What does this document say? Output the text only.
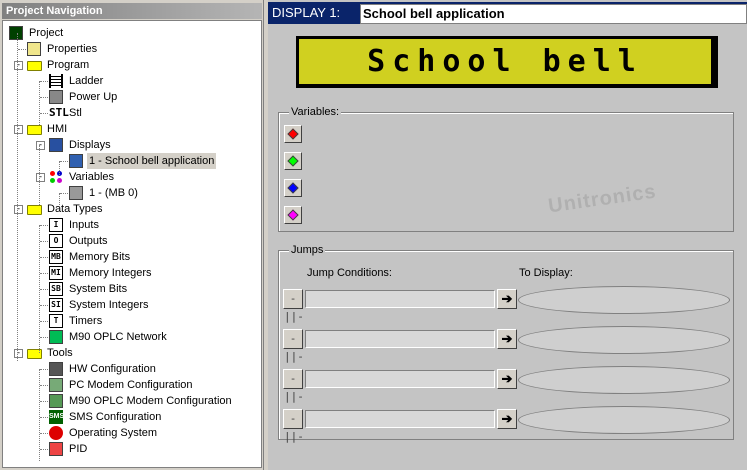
Project Navigation
Project
Properties
Program
-
Ladder
Power Up
STL Stl
HMI
-
Displays
-
1 - School bell application
Variables
-
1 - (MB 0)
Data Types
-
I Inputs
O Outputs
MB Memory Bits
MI Memory Integers
SB System Bits
SI System Integers
T Timers
M90 OPLC Network
Tools
-
HW Configuration
PC Modem Configuration
M90 OPLC Modem Configuration
SMS SMS Configuration
Operating System
PID
DISPLAY 1: School bell application
Unitronics
School bell
Variables:
Jumps
Jump Conditions:	To Display:
-||-
➔
-||-
➔
-||-
➔
-||-
➔
